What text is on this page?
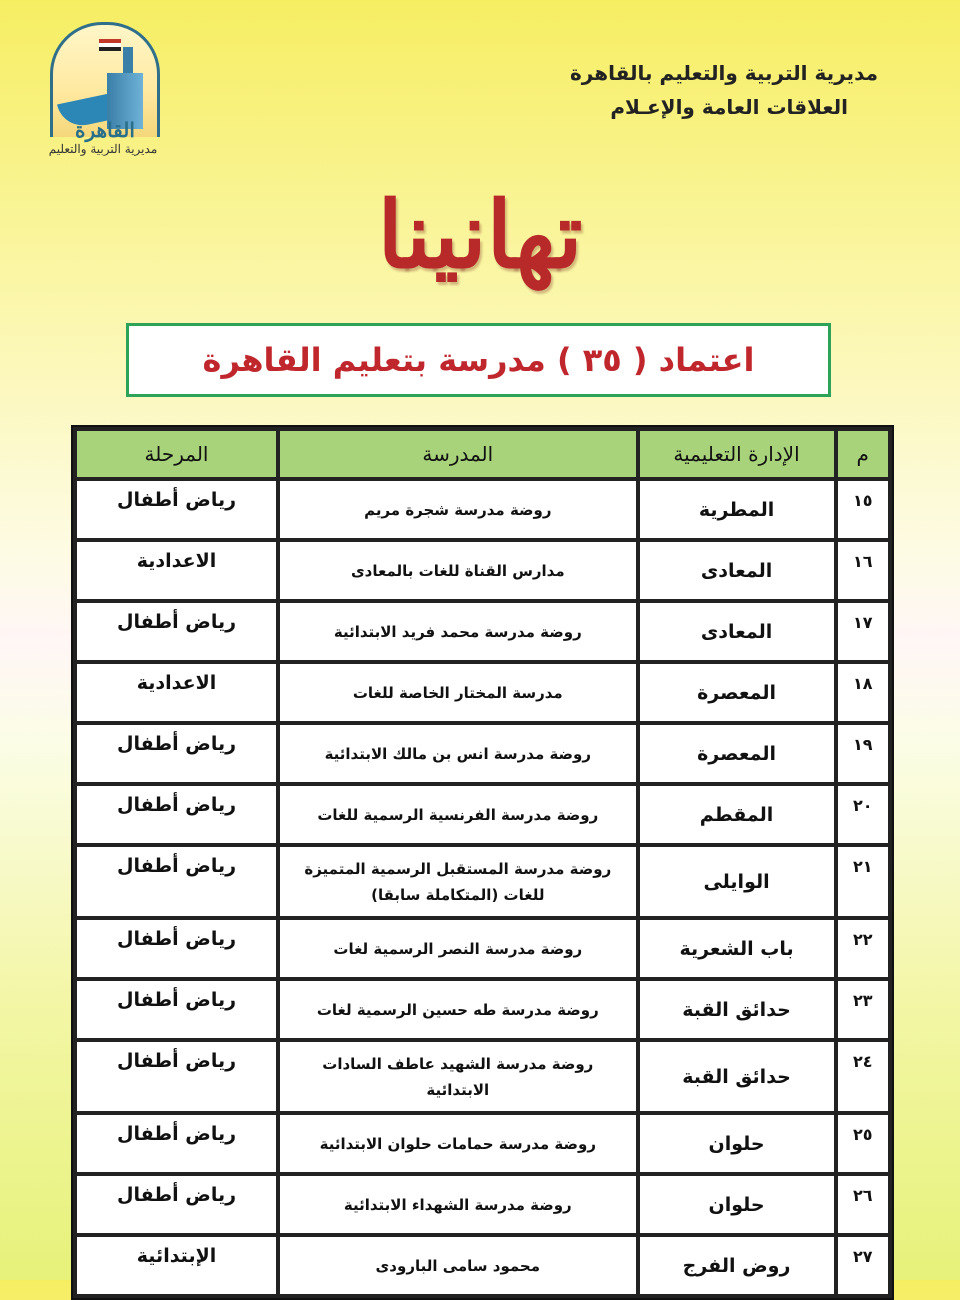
القاهرة
مديرية التربية والتعليم
مديرية التربية والتعليم بالقاهرة
العلاقات العامة والإعـلام
تهانينا
اعتماد ( ٣٥ ) مدرسة بتعليم القاهرة
م	الإدارة التعليمية	المدرسة	المرحلة
١٥	المطرية	روضة مدرسة شجرة مريم	رياض أطفال
١٦	المعادى	مدارس القناة للغات بالمعادى	الاعدادية
١٧	المعادى	روضة مدرسة محمد فريد الابتدائية	رياض أطفال
١٨	المعصرة	مدرسة المختار الخاصة للغات	الاعدادية
١٩	المعصرة	روضة مدرسة انس بن مالك الابتدائية	رياض أطفال
٢٠	المقطم	روضة مدرسة الفرنسية الرسمية للغات	رياض أطفال
٢١	الوايلى	روضة مدرسة المستقبل الرسمية المتميزة للغات (المتكاملة سابقا)	رياض أطفال
٢٢	باب الشعرية	روضة مدرسة النصر الرسمية لغات	رياض أطفال
٢٣	حدائق القبة	روضة مدرسة طه حسين الرسمية لغات	رياض أطفال
٢٤	حدائق القبة	روضة مدرسة الشهيد عاطف السادات الابتدائية	رياض أطفال
٢٥	حلوان	روضة مدرسة حمامات حلوان الابتدائية	رياض أطفال
٢٦	حلوان	روضة مدرسة الشهداء الابتدائية	رياض أطفال
٢٧	روض الفرج	محمود سامى البارودى	الإبتدائية
